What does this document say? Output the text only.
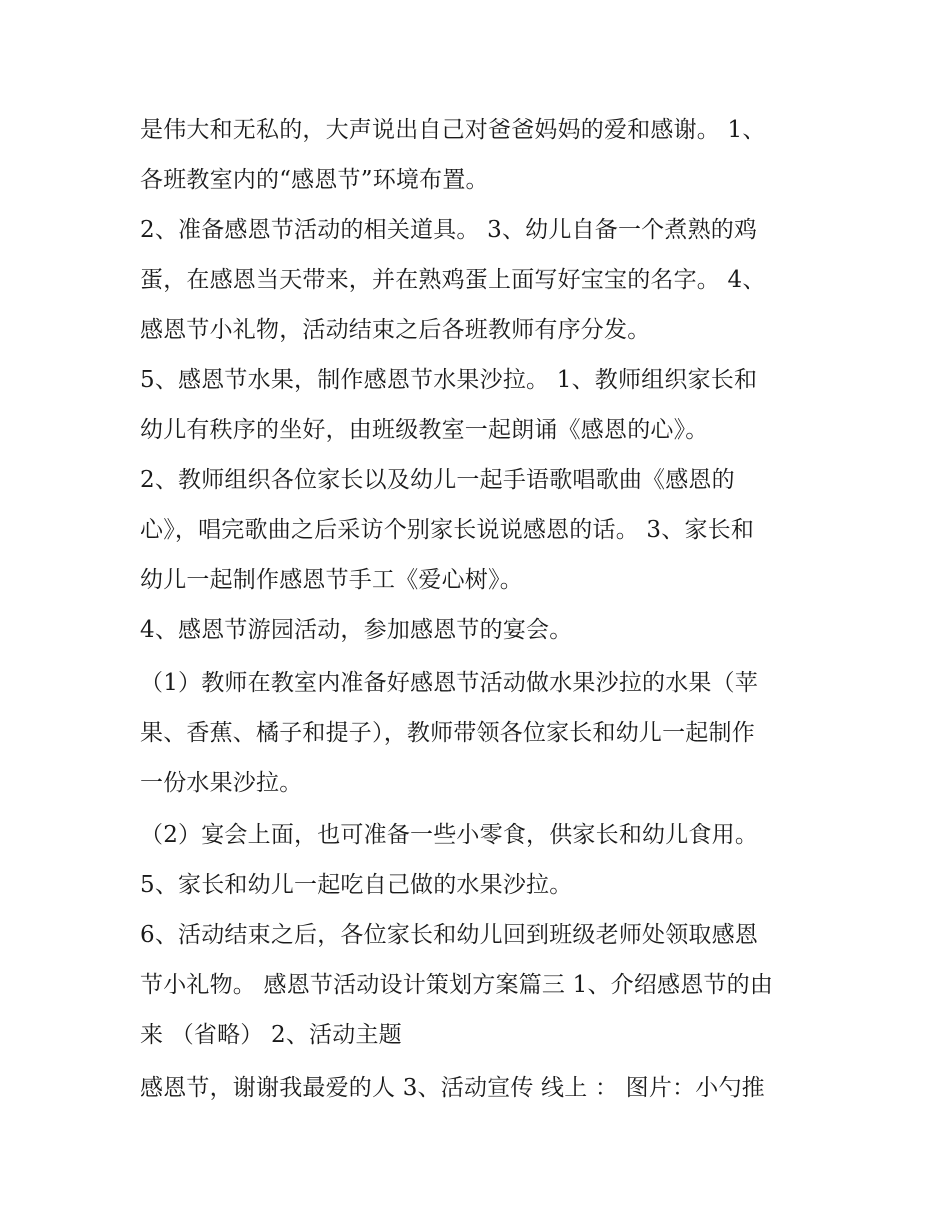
是伟大和无私的，大声说出自己对爸爸妈妈的爱和感谢。 1、
各班教室内的“感恩节”环境布置。
2、准备感恩节活动的相关道具。 3、幼儿自备一个煮熟的鸡
蛋，在感恩当天带来，并在熟鸡蛋上面写好宝宝的名字。 4、
感恩节小礼物，活动结束之后各班教师有序分发。
5、感恩节水果，制作感恩节水果沙拉。 1、教师组织家长和
幼儿有秩序的坐好，由班级教室一起朗诵《感恩的心》。
2、教师组织各位家长以及幼儿一起手语歌唱歌曲《感恩的
心》，唱完歌曲之后采访个别家长说说感恩的话。 3、家长和
幼儿一起制作感恩节手工《爱心树》。
4、感恩节游园活动，参加感恩节的宴会。
（1）教师在教室内准备好感恩节活动做水果沙拉的水果（苹
果、香蕉、橘子和提子），教师带领各位家长和幼儿一起制作
一份水果沙拉。
（2）宴会上面，也可准备一些小零食，供家长和幼儿食用。
5、家长和幼儿一起吃自己做的水果沙拉。
6、活动结束之后，各位家长和幼儿回到班级老师处领取感恩
节小礼物。 感恩节活动设计策划方案篇三 1、介绍感恩节的由
来 （省略） 2、活动主题
感恩节，谢谢我最爱的人 3、活动宣传 线上 ： 图片：小勺推
